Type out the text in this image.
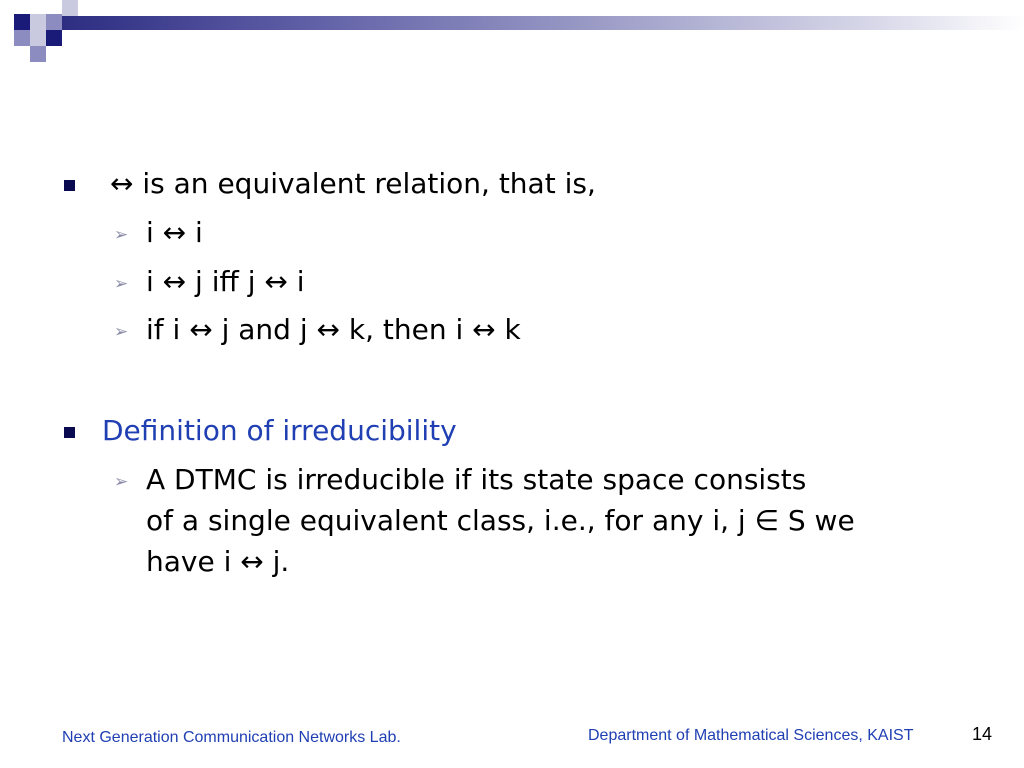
↔ is an equivalent relation, that is,
➢ i ↔ i
➢ i ↔ j iff j ↔ i
➢ if i ↔ j and j ↔ k, then i ↔ k
Definition of irreducibility
➢ A DTMC is irreducible if its state space consists
of a single equivalent class, i.e., for any i, j ∈ S we
have i ↔ j.
Next Generation Communication Networks Lab.	Department of Mathematical Sciences, KAIST	14
